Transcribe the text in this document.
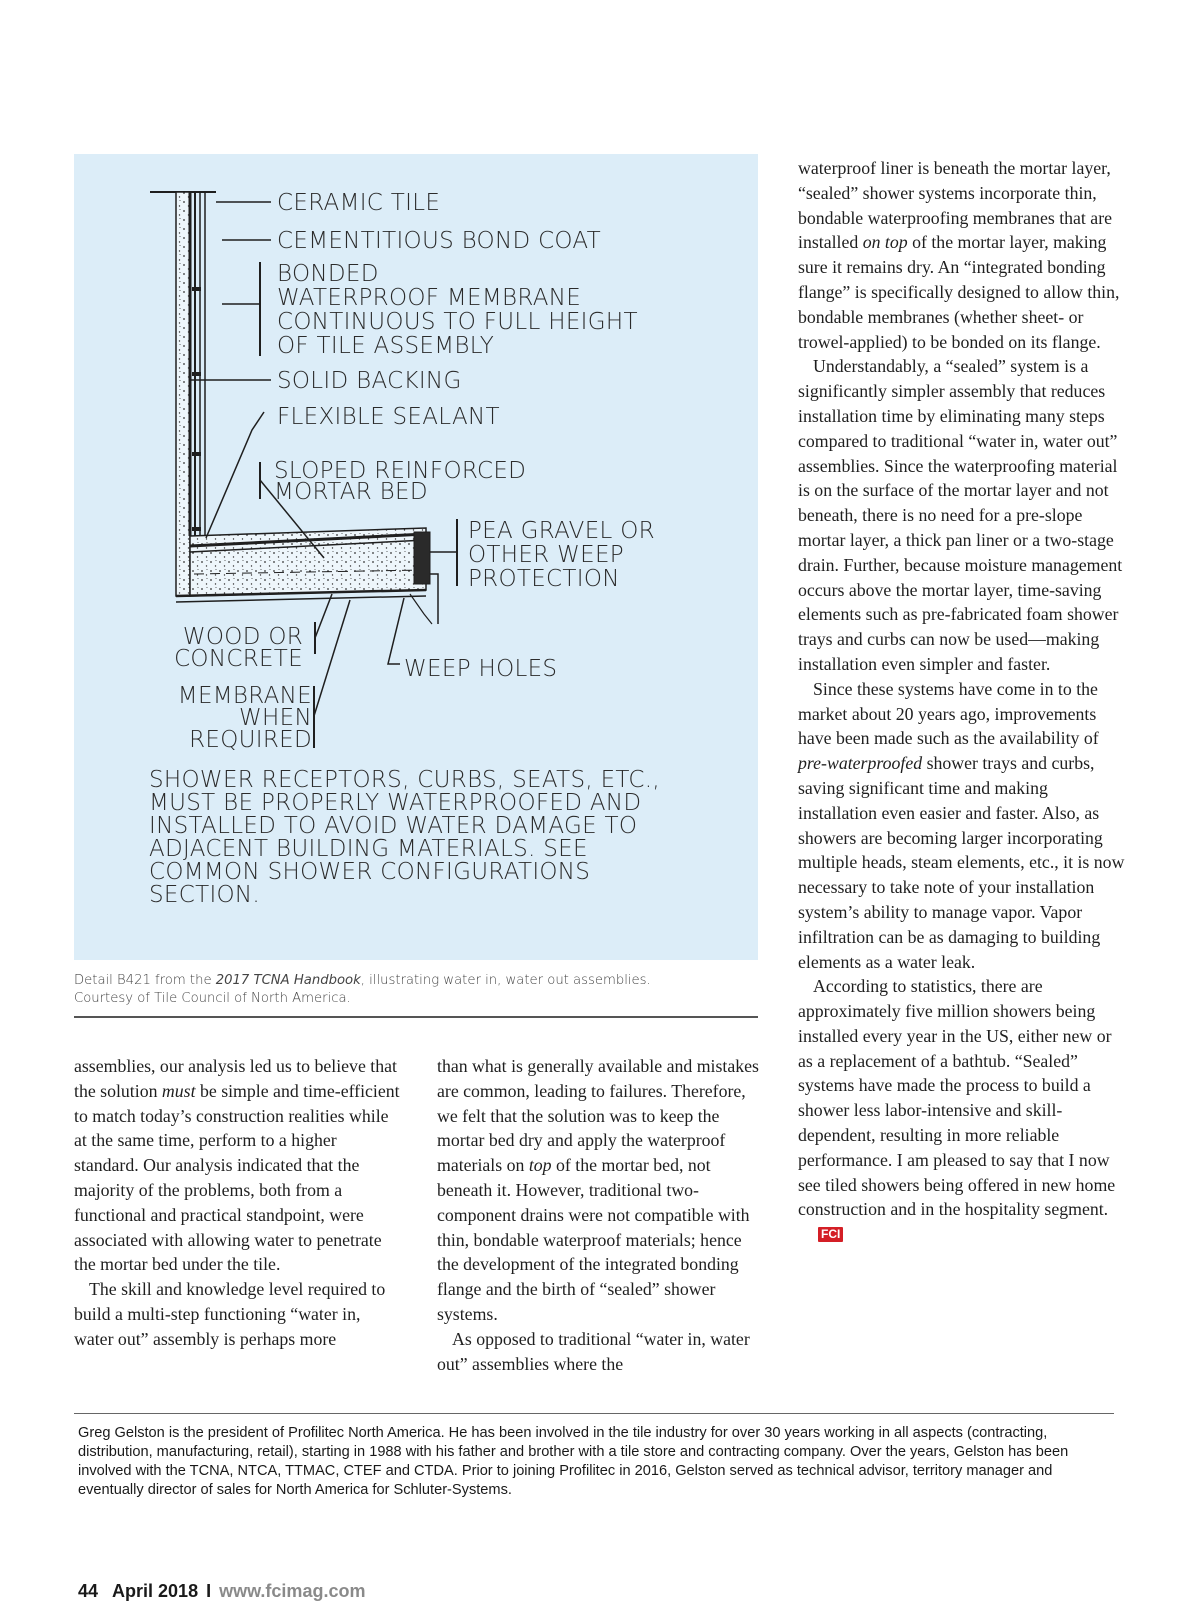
CERAMIC TILE
CEMENTITIOUS BOND COAT
BONDED
WATERPROOF MEMBRANE
CONTINUOUS TO FULL HEIGHT
OF TILE ASSEMBLY
SOLID BACKING
FLEXIBLE SEALANT
SLOPED REINFORCED
MORTAR BED
PEA GRAVEL OR
OTHER WEEP
PROTECTION
WOOD OR
CONCRETE	WEEP HOLES
MEMBRANE
WHEN
REQUIRED
SHOWER RECEPTORS, CURBS, SEATS, ETC.,
MUST BE PROPERLY WATERPROOFED AND
INSTALLED TO AVOID WATER DAMAGE TO
ADJACENT BUILDING MATERIALS. SEE
COMMON SHOWER CONFIGURATIONS
SECTION.
Detail B421 from the 2017 TCNA Handbook, illustrating water in, water out assemblies.
Courtesy of Tile Council of North America.

assemblies, our analysis led us to believe that the solution must be simple and time-efficient to match today’s construction realities while at the same time, perform to a higher standard. Our analysis indicated that the majority of the problems, both from a functional and practical standpoint, were associated with allowing water to penetrate the mortar bed under the tile.

The skill and knowledge level required to build a multi-step functioning “water in, water out” assembly is perhaps more

than what is generally available and mistakes are common, leading to failures. Therefore, we felt that the solution was to keep the mortar bed dry and apply the waterproof materials on top of the mortar bed, not beneath it. However, traditional two-component drains were not compatible with thin, bondable waterproof materials; hence the development of the integrated bonding flange and the birth of “sealed” shower systems.

As opposed to traditional “water in, water out” assemblies where the

waterproof liner is beneath the mortar layer, “sealed” shower systems incorporate thin, bondable waterproofing membranes that are installed on top of the mortar layer, making sure it remains dry. An “integrated bonding flange” is specifically designed to allow thin, bondable membranes (whether sheet- or trowel-applied) to be bonded on its flange.

Understandably, a “sealed” system is a significantly simpler assembly that reduces installation time by eliminating many steps compared to traditional “water in, water out” assemblies. Since the waterproofing material is on the surface of the mortar layer and not beneath, there is no need for a pre-slope mortar layer, a thick pan liner or a two-stage drain. Further, because moisture management occurs above the mortar layer, time-saving elements such as pre-fabricated foam shower trays and curbs can now be used—making installation even simpler and faster.

Since these systems have come in to the market about 20 years ago, improvements have been made such as the availability of pre-waterproofed shower trays and curbs, saving significant time and making installation even easier and faster. Also, as showers are becoming larger incorporating multiple heads, steam elements, etc., it is now necessary to take note of your installation system’s ability to manage vapor. Vapor infiltration can be as damaging to building elements as a water leak.

According to statistics, there are approximately five million showers being installed every year in the US, either new or as a replacement of a bathtub. “Sealed” systems have made the process to build a shower less labor-intensive and skill-dependent, resulting in more reliable performance. I am pleased to say that I now see tiled showers being offered in new home construction and in the hospitality segment.FCI

Greg Gelston is the president of Profilitec North America. He has been involved in the tile industry for over 30 years working in all aspects (contracting, distribution, manufacturing, retail), starting in 1988 with his father and brother with a tile store and contracting company. Over the years, Gelston has been involved with the TCNA, NTCA, TTMAC, CTEF and CTDA. Prior to joining Profilitec in 2016, Gelston served as technical advisor, territory manager and eventually director of sales for North America for Schluter-Systems.
44 April 2018 I www.fcimag.com
